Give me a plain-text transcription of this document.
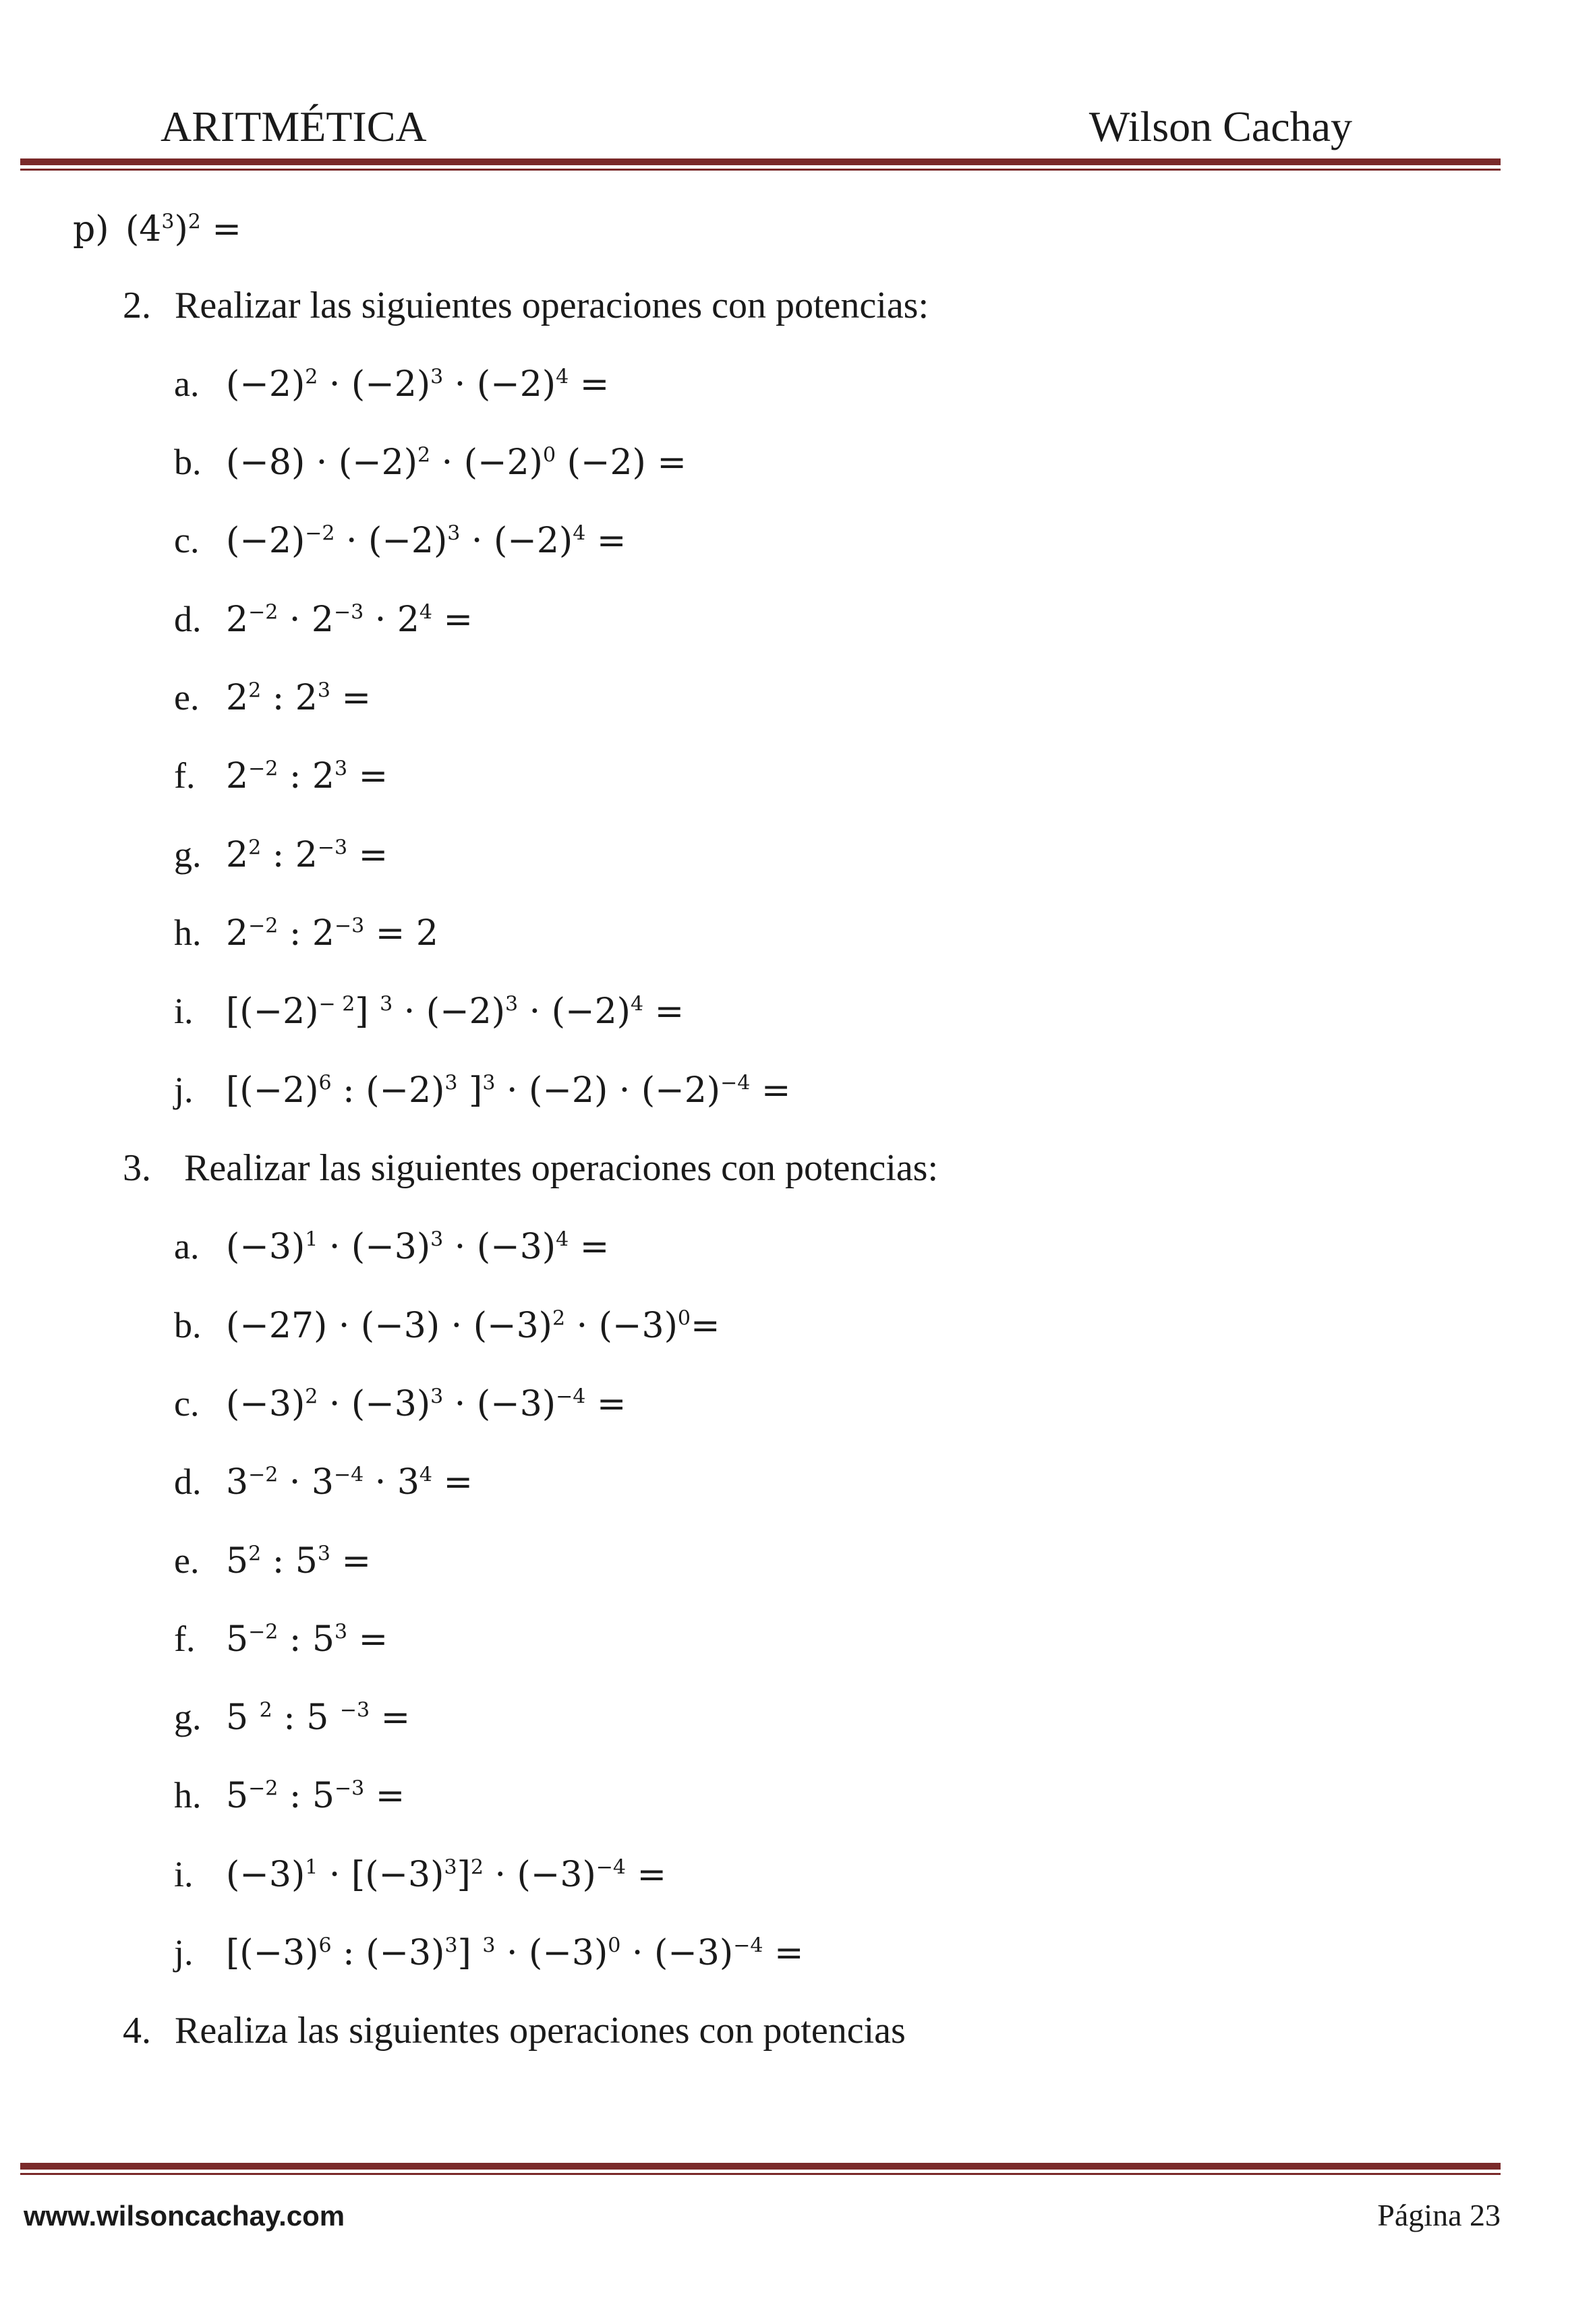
ARITMÉTICA	Wilson Cachay
p) $(4^3)^2$ =
2. Realizar las siguientes operaciones con potencias:
a. $(-2)^2 \cdot (-2)^3 \cdot (-2)^4$ =
b. $(-8) \cdot (-2)^2 \cdot (-2)^0$ (−2) =
c. $(-2)^{-2} \cdot (-2)^3 \cdot (-2)^4$ =
d. $2^{-2} \cdot 2^{-3} \cdot 2^4$ =
e. $2^2$ : $2^3$ =
f. $2^{-2}$ : $2^3$ =
g. $2^2$ : $2^{-3}$ =
h. $2^{-2}$ : $2^{-3} = 2$
i. $[(-2)^{- 2}] ^3 \cdot (-2)^3 \cdot (-2)^4$ =
j. [$(-2)^6$ : $(-2)^3$ ]$^3 \cdot (-2) \cdot (-2)^{-4}$ =
3. Realizar las siguientes operaciones con potencias:
a. $(-3)^1 \cdot (-3)^3 \cdot (-3)^4$ =
b. $(-27) \cdot (-3) \cdot (-3)^2 \cdot (-3)^0=$
c. $(-3)^2 \cdot (-3)^3 \cdot (-3)^{-4}$ =
d. $3^{-2} \cdot 3^{-4} \cdot 3^4$ =
e. $5^2$ : $5^3$ =
f. $5^{-2}$ : $5^3$ =
g. 5 $^2$ : 5 $^{-3}$ =
h. $5^{-2}$ : $5^{-3}$ =
i. $(-3)^1 \cdot [(-3)^3]^2 \cdot (-3)^{-4}$ =
j. [$(-3)^6$ : $(-3)^3$] $^3 \cdot (-3)^0 \cdot (-3)^{-4}$ =
4. Realiza las siguientes operaciones con potencias
www.wilsoncachay.com	Página 23
